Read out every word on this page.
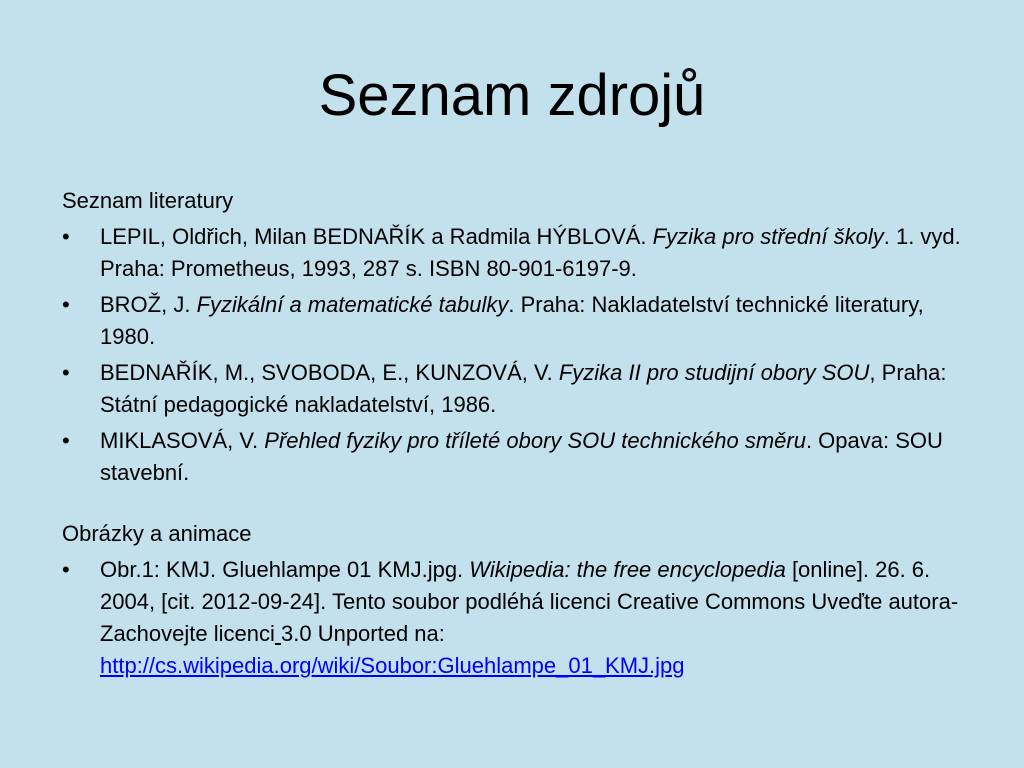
Seznam zdrojů

Seznam literatury

• LEPIL, Oldřich, Milan BEDNAŘÍK a Radmila HÝBLOVÁ. Fyzika pro střední školy. 1. vyd. Praha: Prometheus, 1993, 287 s. ISBN 80-901-6197-9.
• BROŽ, J. Fyzikální a matematické tabulky. Praha: Nakladatelství technické literatury, 1980.
• BEDNAŘÍK, M., SVOBODA, E., KUNZOVÁ, V. Fyzika II pro studijní obory SOU, Praha: Státní pedagogické nakladatelství, 1986.
• MIKLASOVÁ, V. Přehled fyziky pro tříleté obory SOU technického směru. Opava: SOU stavební.

Obrázky a animace

• Obr.1: KMJ. Gluehlampe 01 KMJ.jpg. Wikipedia: the free encyclopedia [online]. 26. 6. 2004, [cit. 2012-09-24]. Tento soubor podléhá licenci Creative Commons Uveďte autora-Zachovejte licenci 3.0 Unported na: http://cs.wikipedia.org/wiki/Soubor:Gluehlampe_01_KMJ.jpg
